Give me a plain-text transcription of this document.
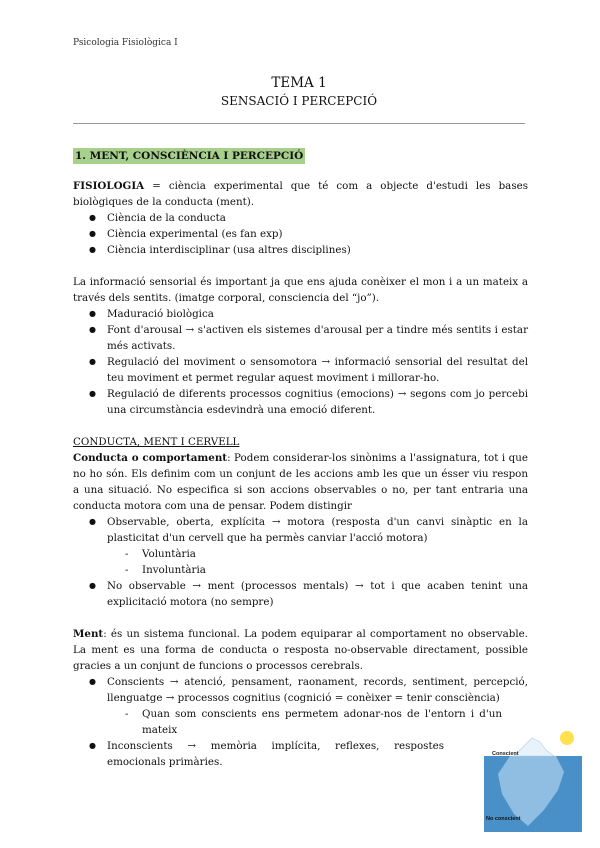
Psicologia Fisiològica I
TEMA 1
SENSACIÓ I PERCEPCIÓ
1. MENT, CONSCIÈNCIA I PERCEPCIÓ

FISIOLOGIA = ciència experimental que té com a objecte d'estudi les bases biològiques de la conducta (ment).

● Ciència de la conducta
● Ciència experimental (es fan exp)
● Ciència interdisciplinar (usa altres disciplines)

La informació sensorial és important ja que ens ajuda conèixer el mon i a un mateix a través dels sentits. (imatge corporal, consciencia del “jo”).

● Maduració biològica
● Font d'arousal → s'activen els sistemes d'arousal per a tindre més sentits i estar més activats.
● Regulació del moviment o sensomotora → informació sensorial del resultat del teu moviment et permet regular aquest moviment i millorar-ho.
● Regulació de diferents processos cognitius (emocions) → segons com jo percebi una circumstància esdevindrà una emoció diferent.

CONDUCTA, MENT I CERVELL

Conducta o comportament: Podem considerar-los sinònims a l'assignatura, tot i que no ho són. Els definim com un conjunt de les accions amb les que un ésser viu respon a una situació. No especifica si son accions observables o no, per tant entraria una conducta motora com una de pensar. Podem distingir

● Observable, oberta, explícita → motora (resposta d'un canvi sinàptic en la plasticitat d'un cervell que ha permès canviar l'acció motora)
- Voluntària
- Involuntària
● No observable → ment (processos mentals) → tot i que acaben tenint una explicitació motora (no sempre)

Ment: és un sistema funcional. La podem equiparar al comportament no observable. La ment es una forma de conducta o resposta no-observable directament, possible gracies a un conjunt de funcions o processos cerebrals.

● Conscients → atenció, pensament, raonament, records, sentiment, percepció, llenguatge → processos cognitius (cognició = conèixer = tenir consciència)
- Quan som conscients ens permetem adonar-nos de l'entorn i d'un mateix
● Inconscients → memòria implícita, reflexes, respostes emocionals primàries.
Conscient
No conscient
